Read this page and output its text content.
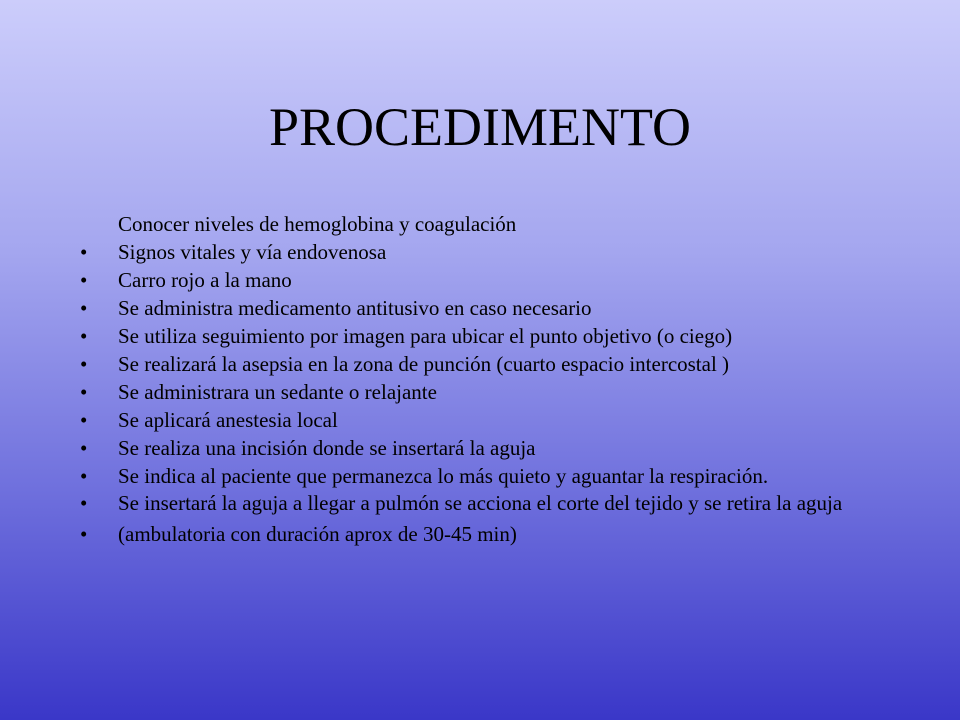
PROCEDIMENTO
Conocer niveles de hemoglobina y coagulación
•	Signos vitales y vía endovenosa
•	Carro rojo a la mano
•	Se administra medicamento antitusivo en caso necesario
•	Se utiliza seguimiento por imagen para ubicar el punto objetivo (o ciego)
•	Se realizará la asepsia en la zona de punción (cuarto espacio intercostal )
•	Se administrara un sedante o relajante
•	Se aplicará anestesia local
•	Se realiza una incisión donde se insertará la aguja
•	Se indica al paciente que permanezca lo más quieto y aguantar la respiración.
•	Se insertará la aguja a llegar a pulmón se acciona el corte del tejido y se retira la aguja
•	(ambulatoria con duración aprox de 30-45 min)
